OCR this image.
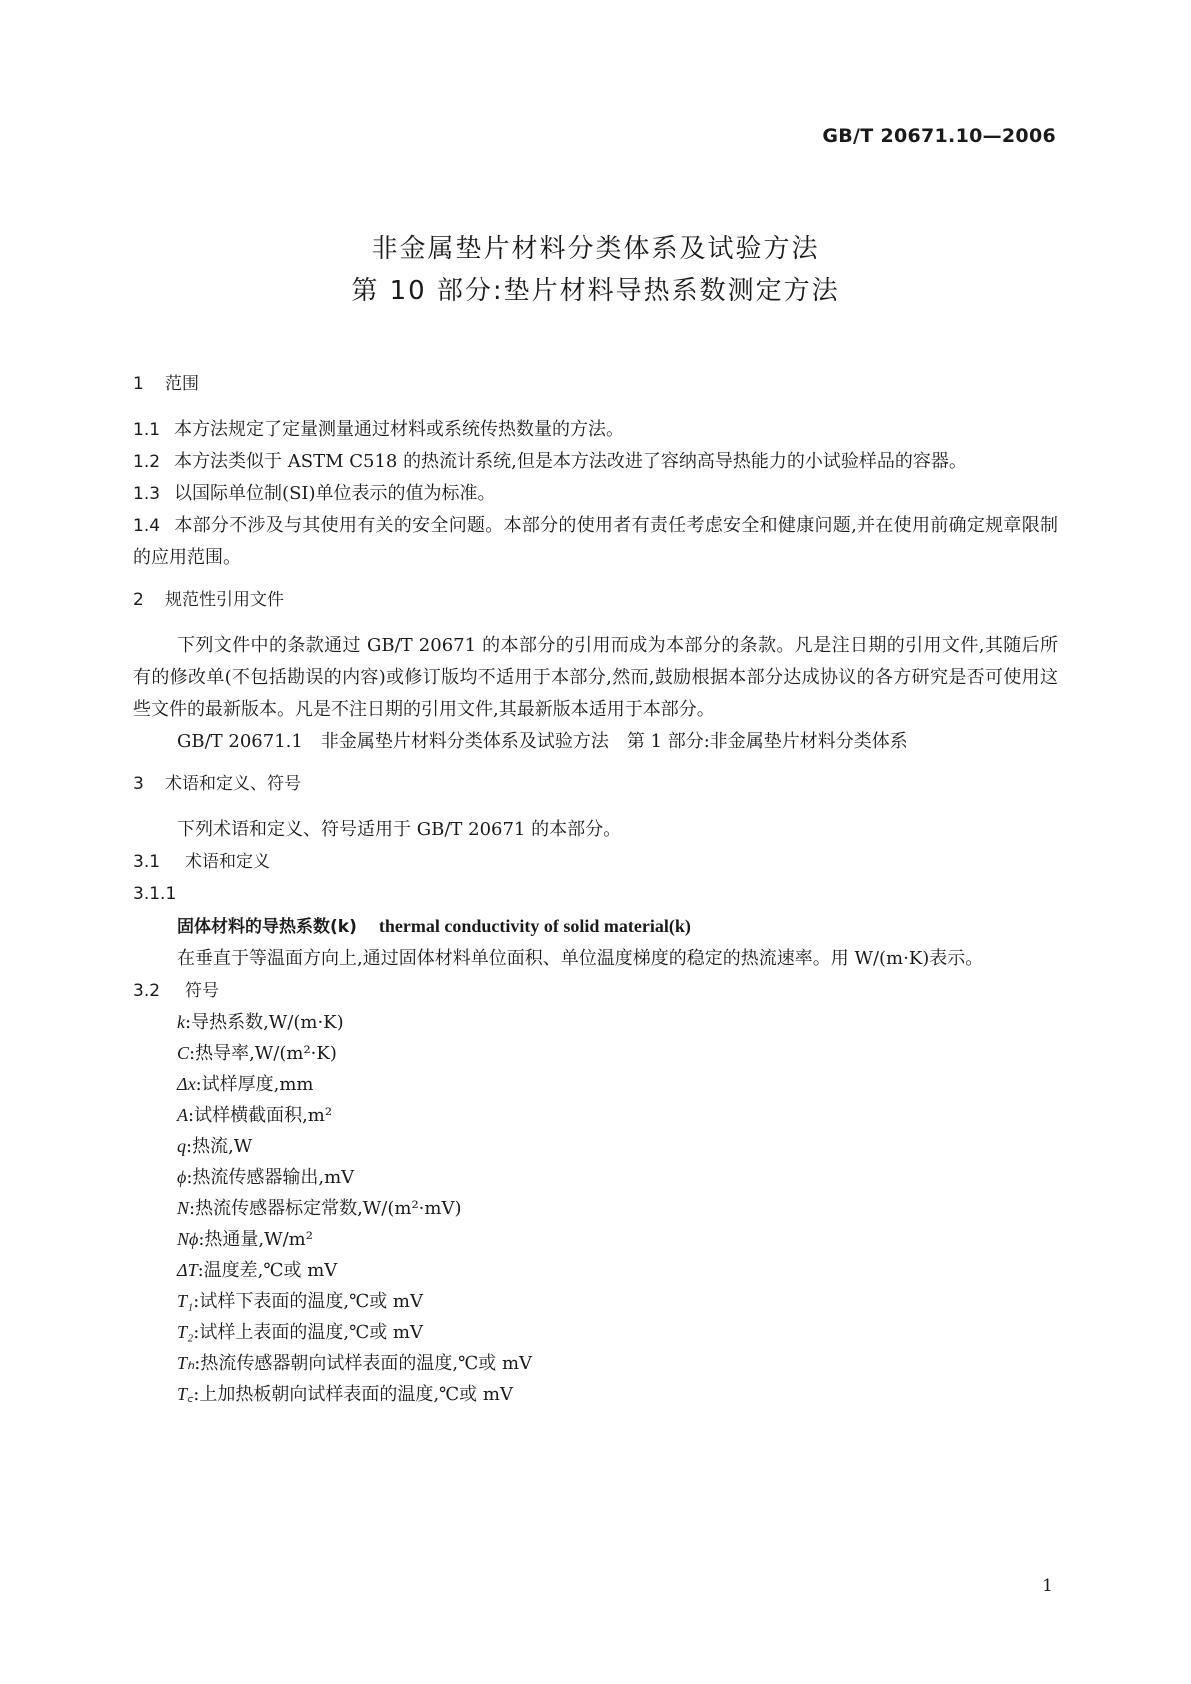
GB/T 20671.10—2006
非金属垫片材料分类体系及试验方法
第 10 部分:垫片材料导热系数测定方法
1 范围
1.1 本方法规定了定量测量通过材料或系统传热数量的方法。
1.2 本方法类似于 ASTM C518 的热流计系统,但是本方法改进了容纳高导热能力的小试验样品的容器。
1.3 以国际单位制(SI)单位表示的值为标准。
1.4 本部分不涉及与其使用有关的安全问题。本部分的使用者有责任考虑安全和健康问题,并在使用前确定规章限制的应用范围。
2 规范性引用文件
下列文件中的条款通过 GB/T 20671 的本部分的引用而成为本部分的条款。凡是注日期的引用文件,其随后所有的修改单(不包括勘误的内容)或修订版均不适用于本部分,然而,鼓励根据本部分达成协议的各方研究是否可使用这些文件的最新版本。凡是不注日期的引用文件,其最新版本适用于本部分。
GB/T 20671.1　非金属垫片材料分类体系及试验方法　第 1 部分:非金属垫片材料分类体系
3 术语和定义、符号
下列术语和定义、符号适用于 GB/T 20671 的本部分。
3.1 术语和定义
3.1.1
固体材料的导热系数(k) thermal conductivity of solid material(k)
在垂直于等温面方向上,通过固体材料单位面积、单位温度梯度的稳定的热流速率。用 W/(m·K)表示。
3.2 符号
k:导热系数,W/(m·K)
C:热导率,W/(m²·K)
Δx:试样厚度,mm
A:试样横截面积,m²
q:热流,W
ϕ:热流传感器输出,mV
N:热流传感器标定常数,W/(m²·mV)
Nϕ:热通量,W/m²
ΔT:温度差,℃或 mV
T₁:试样下表面的温度,℃或 mV
T₂:试样上表面的温度,℃或 mV
Tₕ:热流传感器朝向试样表面的温度,℃或 mV
T꜀:上加热板朝向试样表面的温度,℃或 mV
1
